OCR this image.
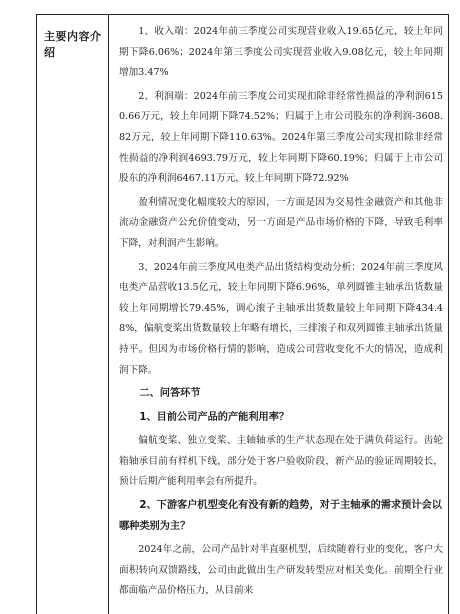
主要内容介绍
1、收入端：2024年前三季度公司实现营业收入19.65亿元，较上年同期下降6.06%；2024年第三季度公司实现营业收入9.08亿元，较上年同期增加3.47%
2、利润端：2024年前三季度公司实现扣除非经常性损益的净利润6150.66万元，较上年同期下降74.52%；归属于上市公司股东的净利润-3608.82万元，较上年同期下降110.63%。2024年第三季度公司实现扣除非经常性损益的净利润4693.79万元，较上年同期下降60.19%；归属于上市公司股东的净利润6467.11万元，较上年同期下降72.92%
盈利情况变化幅度较大的原因，一方面是因为交易性金融资产和其他非流动金融资产公允价值变动，另一方面是产品市场价格的下降，导致毛利率下降，对利润产生影响。
3、2024年前三季度风电类产品出货结构变动分析：2024年前三季度风电类产品营收13.5亿元，较上年同期下降6.96%，单列圆锥主轴承出货数量较上年同期增长79.45%，调心滚子主轴承出货数量较上年同期下降434.48%，偏航变桨出货数量较上年略有增长，三排滚子和双列圆锥主轴承出货量持平。但因为市场价格行情的影响，造成公司营收变化不大的情况，造成利润下降。
二、问答环节
1、目前公司产品的产能利用率？
偏航变桨、独立变桨、主轴轴承的生产状态现在处于满负荷运行。齿轮箱轴承目前有样机下线，部分处于客户验收阶段，新产品的验证周期较长，预计后期产能利用率会有所提升。
2、下游客户机型变化有没有新的趋势，对于主轴承的需求预计会以哪种类别为主？
2024年之前，公司产品针对半直驱机型，后续随着行业的变化，客户大面积转向双馈路线，公司由此做出生产研发转型应对相关变化。前期全行业都面临产品价格压力，从目前来
